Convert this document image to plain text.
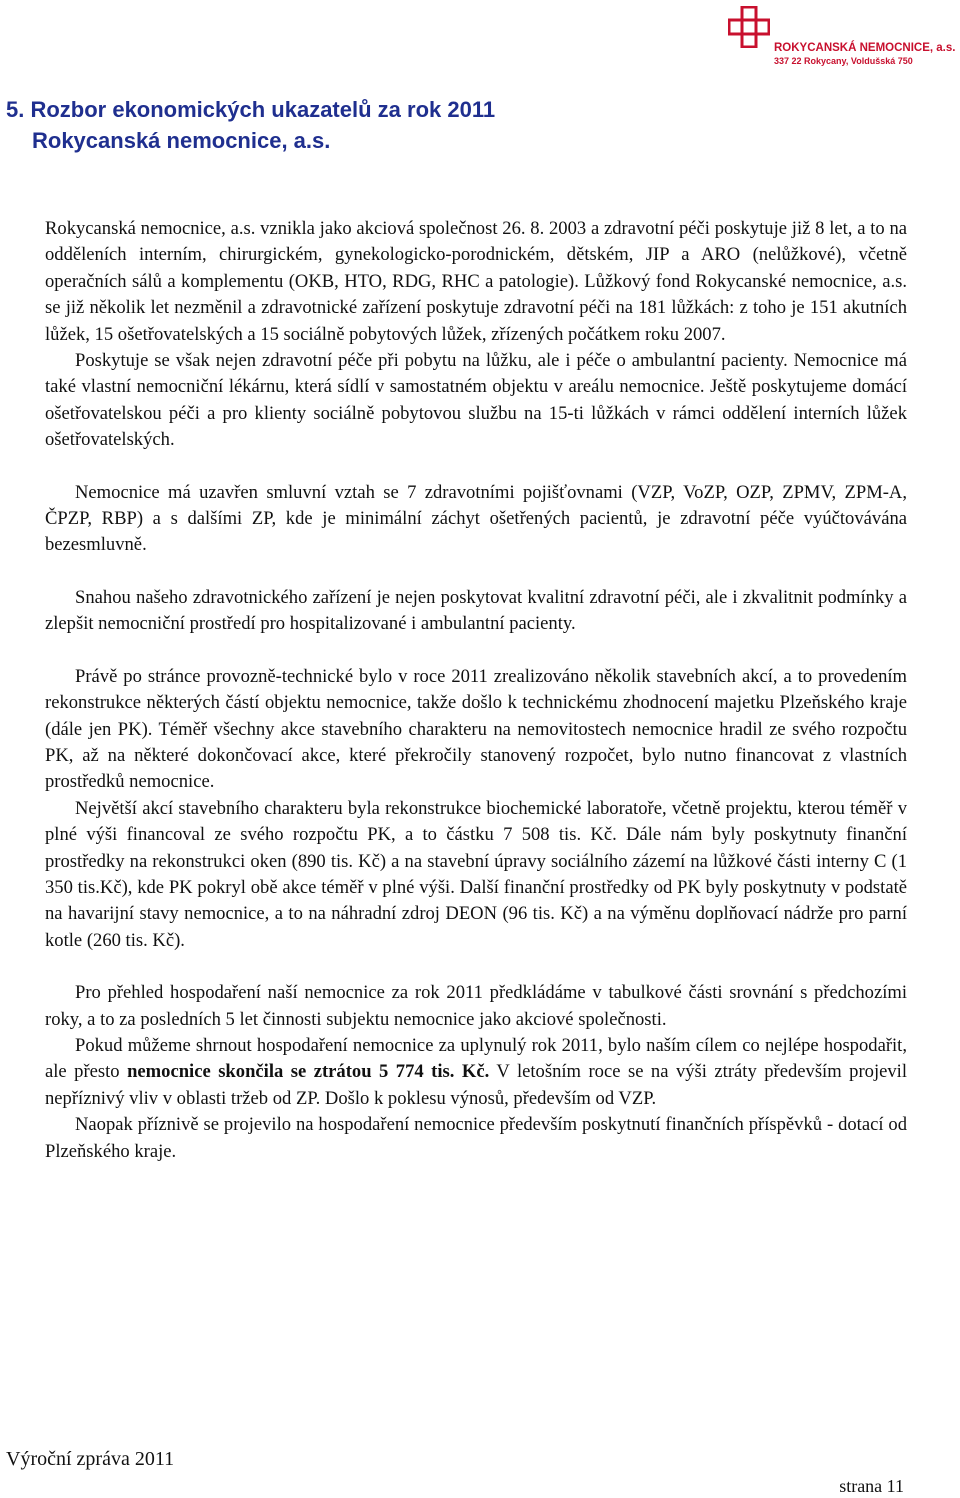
ROKYCANSKÁ NEMOCNICE, a.s.
337 22 Rokycany, Voldušská 750
5. Rozbor ekonomických ukazatelů za rok 2011
Rokycanská nemocnice, a.s.

Rokycanská nemocnice, a.s. vznikla jako akciová společnost 26. 8. 2003 a zdravotní péči poskytuje již 8 let, a to na odděleních interním, chirurgickém, gynekologicko-porodnickém, dětském, JIP a ARO (nelůžkové), včetně operačních sálů a komplementu (OKB, HTO, RDG, RHC a patologie). Lůžkový fond Rokycanské nemocnice, a.s. se již několik let nezměnil a zdravotnické zařízení poskytuje zdravotní péči na 181 lůžkách: z toho je 151 akutních lůžek, 15 ošetřovatelských a 15 sociálně pobytových lůžek, zřízených počátkem roku 2007.

Poskytuje se však nejen zdravotní péče při pobytu na lůžku, ale i péče o ambulantní pacienty. Nemocnice má také vlastní nemocniční lékárnu, která sídlí v samostatném objektu v areálu nemocnice. Ještě poskytujeme domácí ošetřovatelskou péči a pro klienty sociálně pobytovou službu na 15-ti lůžkách v rámci oddělení interních lůžek ošetřovatelských.

Nemocnice má uzavřen smluvní vztah se 7 zdravotními pojišťovnami (VZP, VoZP, OZP, ZPMV, ZPM-A, ČPZP, RBP) a s dalšími ZP, kde je minimální záchyt ošetřených pacientů, je zdravotní péče vyúčtovávána bezesmluvně.

Snahou našeho zdravotnického zařízení je nejen poskytovat kvalitní zdravotní péči, ale i zkvalitnit podmínky a zlepšit nemocniční prostředí pro hospitalizované i ambulantní pacienty.

Právě po stránce provozně-technické bylo v roce 2011 zrealizováno několik stavebních akcí, a to provedením rekonstrukce některých částí objektu nemocnice, takže došlo k technickému zhodnocení majetku Plzeňského kraje (dále jen PK). Téměř všechny akce stavebního charakteru na nemovitostech nemocnice hradil ze svého rozpočtu PK, až na některé dokončovací akce, které překročily stanovený rozpočet, bylo nutno financovat z vlastních prostředků nemocnice.

Největší akcí stavebního charakteru byla rekonstrukce biochemické laboratoře, včetně projektu, kterou téměř v plné výši financoval ze svého rozpočtu PK, a to částku 7 508 tis. Kč. Dále nám byly poskytnuty finanční prostředky na rekonstrukci oken (890 tis. Kč) a na stavební úpravy sociálního zázemí na lůžkové části interny C (1 350 tis.Kč), kde PK pokryl obě akce téměř v plné výši. Další finanční prostředky od PK byly poskytnuty v podstatě na havarijní stavy nemocnice, a to na náhradní zdroj DEON (96 tis. Kč) a na výměnu doplňovací nádrže pro parní kotle (260 tis. Kč).

Pro přehled hospodaření naší nemocnice za rok 2011 předkládáme v tabulkové části srovnání s předchozími roky, a to za posledních 5 let činnosti subjektu nemocnice jako akciové společnosti.

Pokud můžeme shrnout hospodaření nemocnice za uplynulý rok 2011, bylo naším cílem co nejlépe hospodařit, ale přesto nemocnice skončila se ztrátou 5 774 tis. Kč. V letošním roce se na výši ztráty především projevil nepříznivý vliv v oblasti tržeb od ZP. Došlo k poklesu výnosů, především od VZP.

Naopak příznivě se projevilo na hospodaření nemocnice především poskytnutí finančních příspěvků - dotací od Plzeňského kraje.

Výroční zpráva 2011
strana 11
